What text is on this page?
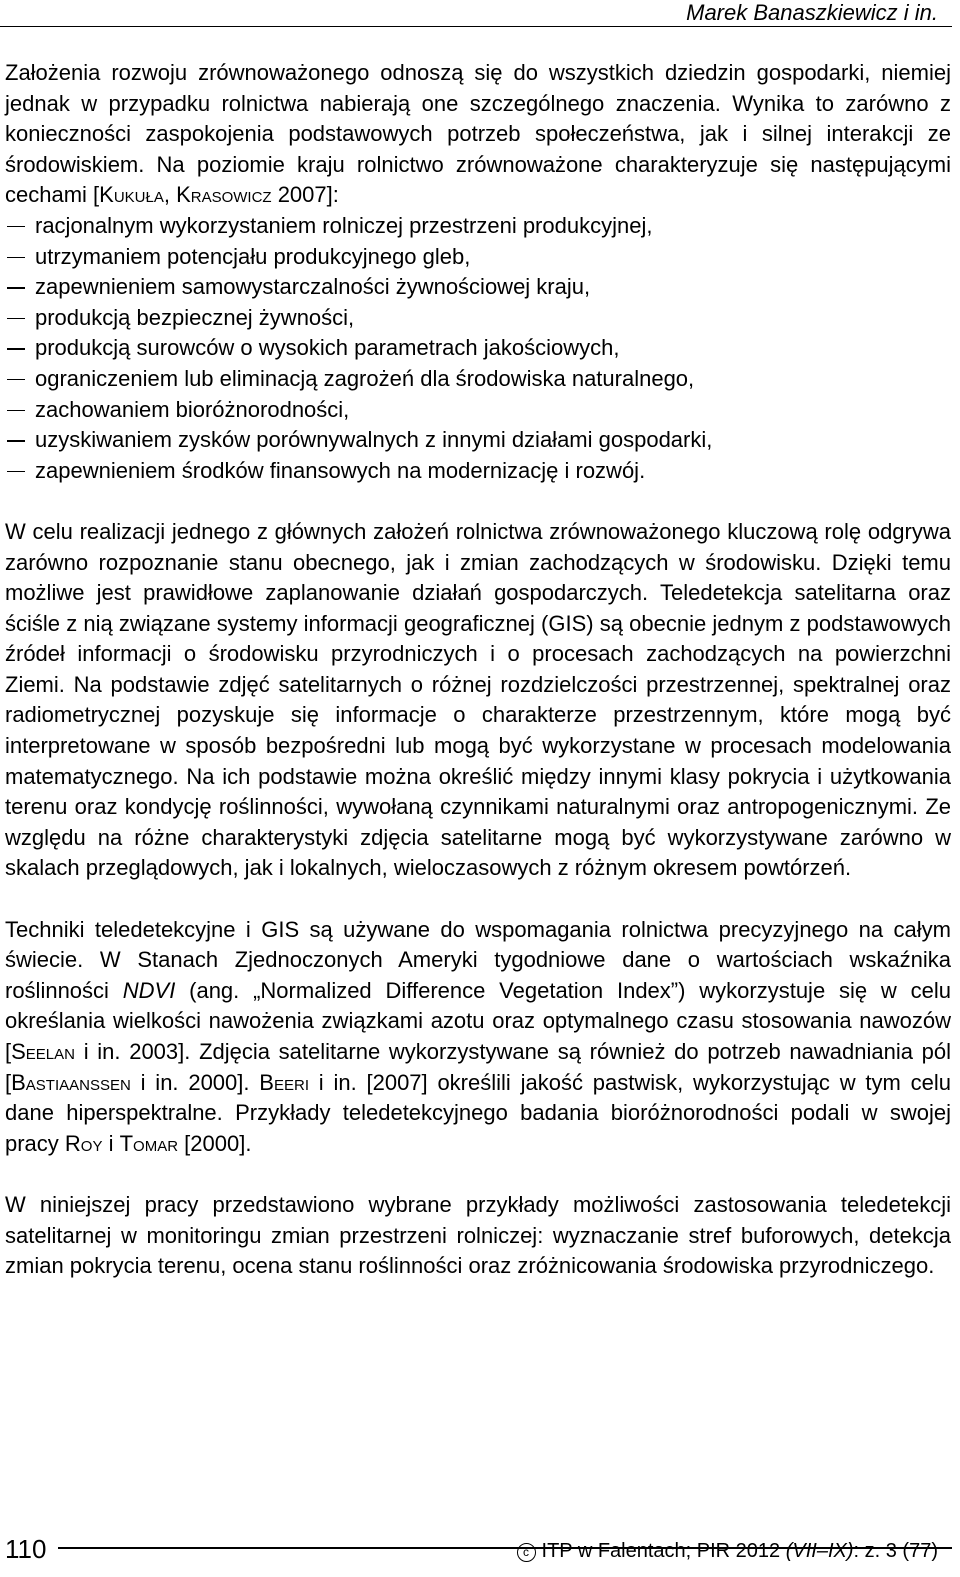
Marek Banaszkiewicz i in.

Założenia rozwoju zrównoważonego odnoszą się do wszystkich dziedzin gospodarki, niemiej jednak w przypadku rolnictwa nabierają one szczególnego znaczenia. Wynika to zarówno z konieczności zaspokojenia podstawowych potrzeb społeczeństwa, jak i silnej interakcji ze środowiskiem. Na poziomie kraju rolnictwo zrównoważone charakteryzuje się następującymi cechami [Kukuła, Krasowicz 2007]:

racjonalnym wykorzystaniem rolniczej przestrzeni produkcyjnej,
utrzymaniem potencjału produkcyjnego gleb,
zapewnieniem samowystarczalności żywnościowej kraju,
produkcją bezpiecznej żywności,
produkcją surowców o wysokich parametrach jakościowych,
ograniczeniem lub eliminacją zagrożeń dla środowiska naturalnego,
zachowaniem bioróżnorodności,
uzyskiwaniem zysków porównywalnych z innymi działami gospodarki,
zapewnieniem środków finansowych na modernizację i rozwój.

W celu realizacji jednego z głównych założeń rolnictwa zrównoważonego kluczową rolę odgrywa zarówno rozpoznanie stanu obecnego, jak i zmian zachodzących w środowisku. Dzięki temu możliwe jest prawidłowe zaplanowanie działań gospodarczych. Teledetekcja satelitarna oraz ściśle z nią związane systemy informacji geograficznej (GIS) są obecnie jednym z podstawowych źródeł informacji o środowisku przyrodniczych i o procesach zachodzących na powierzchni Ziemi. Na podstawie zdjęć satelitarnych o różnej rozdzielczości przestrzennej, spektralnej oraz radiometrycznej pozyskuje się informacje o charakterze przestrzennym, które mogą być interpretowane w sposób bezpośredni lub mogą być wykorzystane w procesach modelowania matematycznego. Na ich podstawie można określić między innymi klasy pokrycia i użytkowania terenu oraz kondycję roślinności, wywołaną czynnikami naturalnymi oraz antropogenicznymi. Ze względu na różne charakterystyki zdjęcia satelitarne mogą być wykorzystywane zarówno w skalach przeglądowych, jak i lokalnych, wieloczasowych z różnym okresem powtórzeń.

Techniki teledetekcyjne i GIS są używane do wspomagania rolnictwa precyzyjnego na całym świecie. W Stanach Zjednoczonych Ameryki tygodniowe dane o wartościach wskaźnika roślinności NDVI (ang. „Normalized Difference Vegetation Index”) wykorzystuje się w celu określania wielkości nawożenia związkami azotu oraz optymalnego czasu stosowania nawozów [Seelan i in. 2003]. Zdjęcia satelitarne wykorzystywane są również do potrzeb nawadniania pól [Bastiaanssen i in. 2000]. Beeri i in. [2007] określili jakość pastwisk, wykorzystując w tym celu dane hiperspektralne. Przykłady teledetekcyjnego badania bioróżnorodności podali w swojej pracy Roy i Tomar [2000].

W niniejszej pracy przedstawiono wybrane przykłady możliwości zastosowania teledetekcji satelitarnej w monitoringu zmian przestrzeni rolniczej: wyznaczanie stref buforowych, detekcja zmian pokrycia terenu, ocena stanu roślinności oraz zróżnicowania środowiska przyrodniczego.

110	c ITP w Falentach; PIR 2012 (VII–IX): z. 3 (77)
